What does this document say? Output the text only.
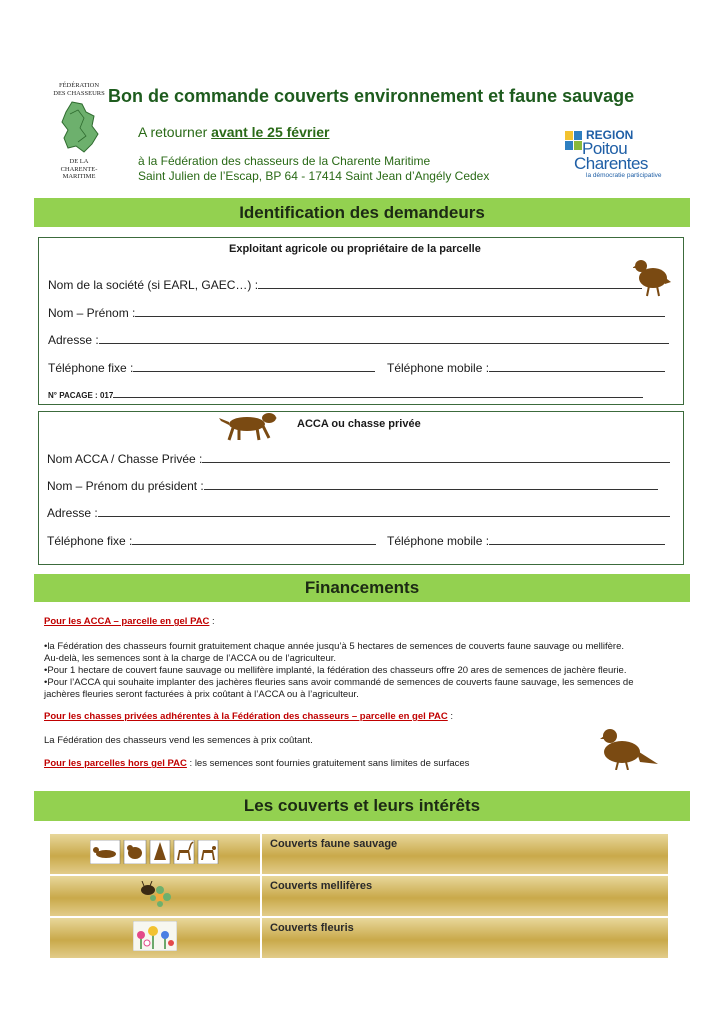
FÉDÉRATION
DES CHASSEURS
DE LA
CHARENTE-MARITIME
Bon de commande couverts environnement et faune sauvage
A retourner avant le 25 février
à la Fédération des chasseurs de la Charente Maritime
Saint Julien de l’Escap, BP 64 - 17414 Saint Jean d’Angély Cedex
REGION
Poitou
Charentes
la démocratie participative
Identification des demandeurs
Exploitant agricole ou propriétaire de la parcelle
Nom de la société (si EARL, GAEC…) :
Nom – Prénom :
Adresse :
Téléphone fixe :	Téléphone mobile :
N° PACAGE : 017
ACCA ou chasse privée
Nom ACCA / Chasse Privée :
Nom – Prénom du président :
Adresse :
Téléphone fixe :	Téléphone mobile :
Financements
Pour les ACCA – parcelle en gel PAC :
•la Fédération des chasseurs fournit gratuitement chaque année jusqu’à 5 hectares de semences de couverts faune sauvage ou mellifère.
Au-delà, les semences sont à la charge de l’ACCA ou de l’agriculteur.
•Pour 1 hectare de couvert faune sauvage ou mellifère implanté, la fédération des chasseurs offre 20 ares de semences de jachère fleurie.
•Pour l’ACCA qui souhaite implanter des jachères fleuries sans avoir commandé de semences de couverts faune sauvage, les semences de
jachères fleuries seront facturées à prix coûtant à l’ACCA ou à l’agriculteur.
Pour les chasses privées adhérentes à la Fédération des chasseurs – parcelle en gel PAC :
La Fédération des chasseurs vend les semences à prix coûtant.
Pour les parcelles hors gel PAC : les semences sont fournies gratuitement sans limites de surfaces
Les couverts et leurs intérêts
	Couverts faune sauvage
	Couverts mellifères
	Couverts fleuris
